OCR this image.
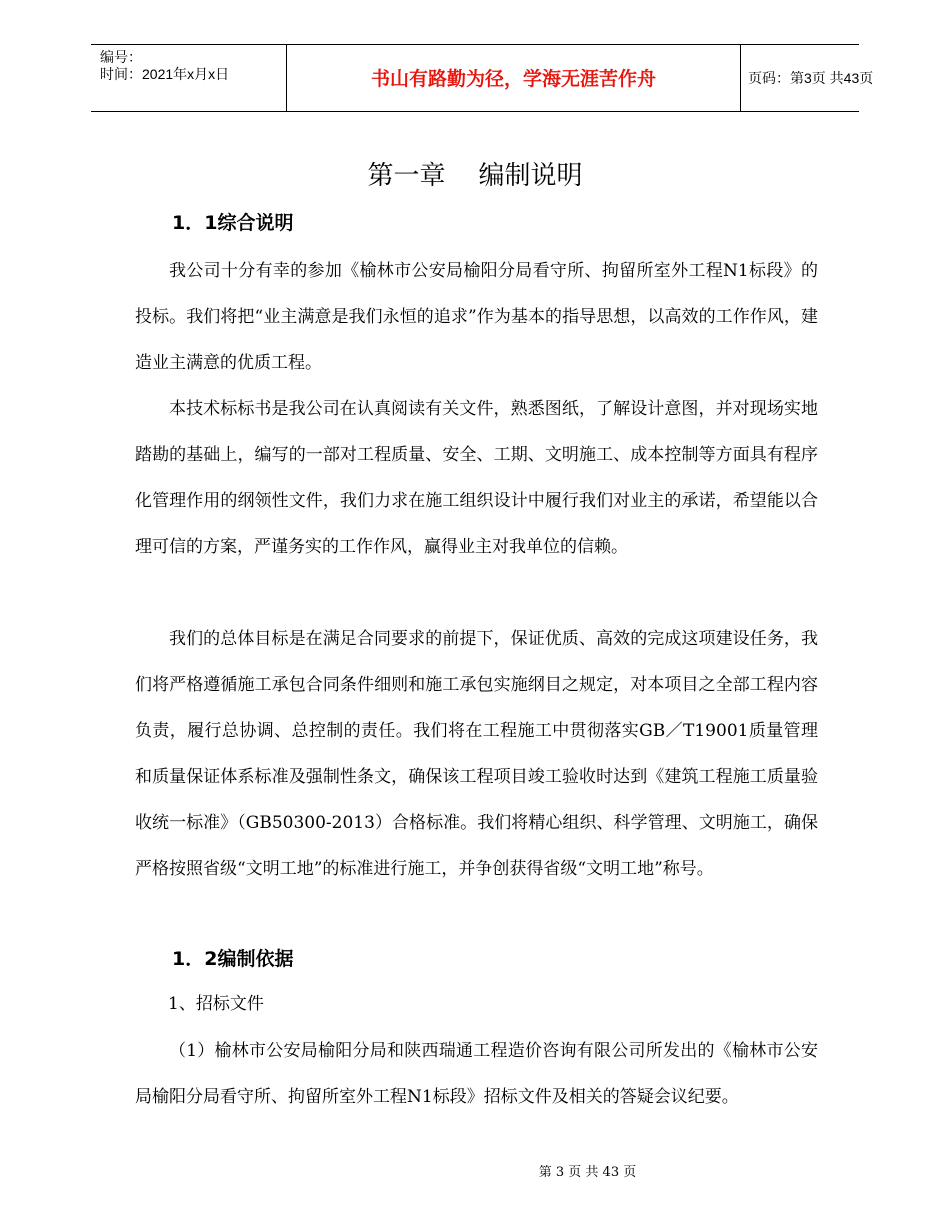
编号：
时间：2021年x月x日	书山有路勤为径，学海无涯苦作舟	页码：第3页 共43页
第一章    编制说明
1．1综合说明

我公司十分有幸的参加《榆林市公安局榆阳分局看守所、拘留所室外工程N1标段》的投标。我们将把“业主满意是我们永恒的追求”作为基本的指导思想，以高效的工作作风，建造业主满意的优质工程。

本技术标标书是我公司在认真阅读有关文件，熟悉图纸，了解设计意图，并对现场实地踏勘的基础上，编写的一部对工程质量、安全、工期、文明施工、成本控制等方面具有程序化管理作用的纲领性文件，我们力求在施工组织设计中履行我们对业主的承诺，希望能以合理可信的方案，严谨务实的工作作风，赢得业主对我单位的信赖。

我们的总体目标是在满足合同要求的前提下，保证优质、高效的完成这项建设任务，我们将严格遵循施工承包合同条件细则和施工承包实施纲目之规定，对本项目之全部工程内容负责，履行总协调、总控制的责任。我们将在工程施工中贯彻落实GB／T19001质量管理和质量保证体系标准及强制性条文，确保该工程项目竣工验收时达到《建筑工程施工质量验收统一标准》（GB50300-2013）合格标准。我们将精心组织、科学管理、文明施工，确保严格按照省级“文明工地”的标准进行施工，并争创获得省级“文明工地”称号。

1．2编制依据
1、招标文件

（1）榆林市公安局榆阳分局和陕西瑞通工程造价咨询有限公司所发出的《榆林市公安局榆阳分局看守所、拘留所室外工程N1标段》招标文件及相关的答疑会议纪要。

第 3 页 共 43 页
